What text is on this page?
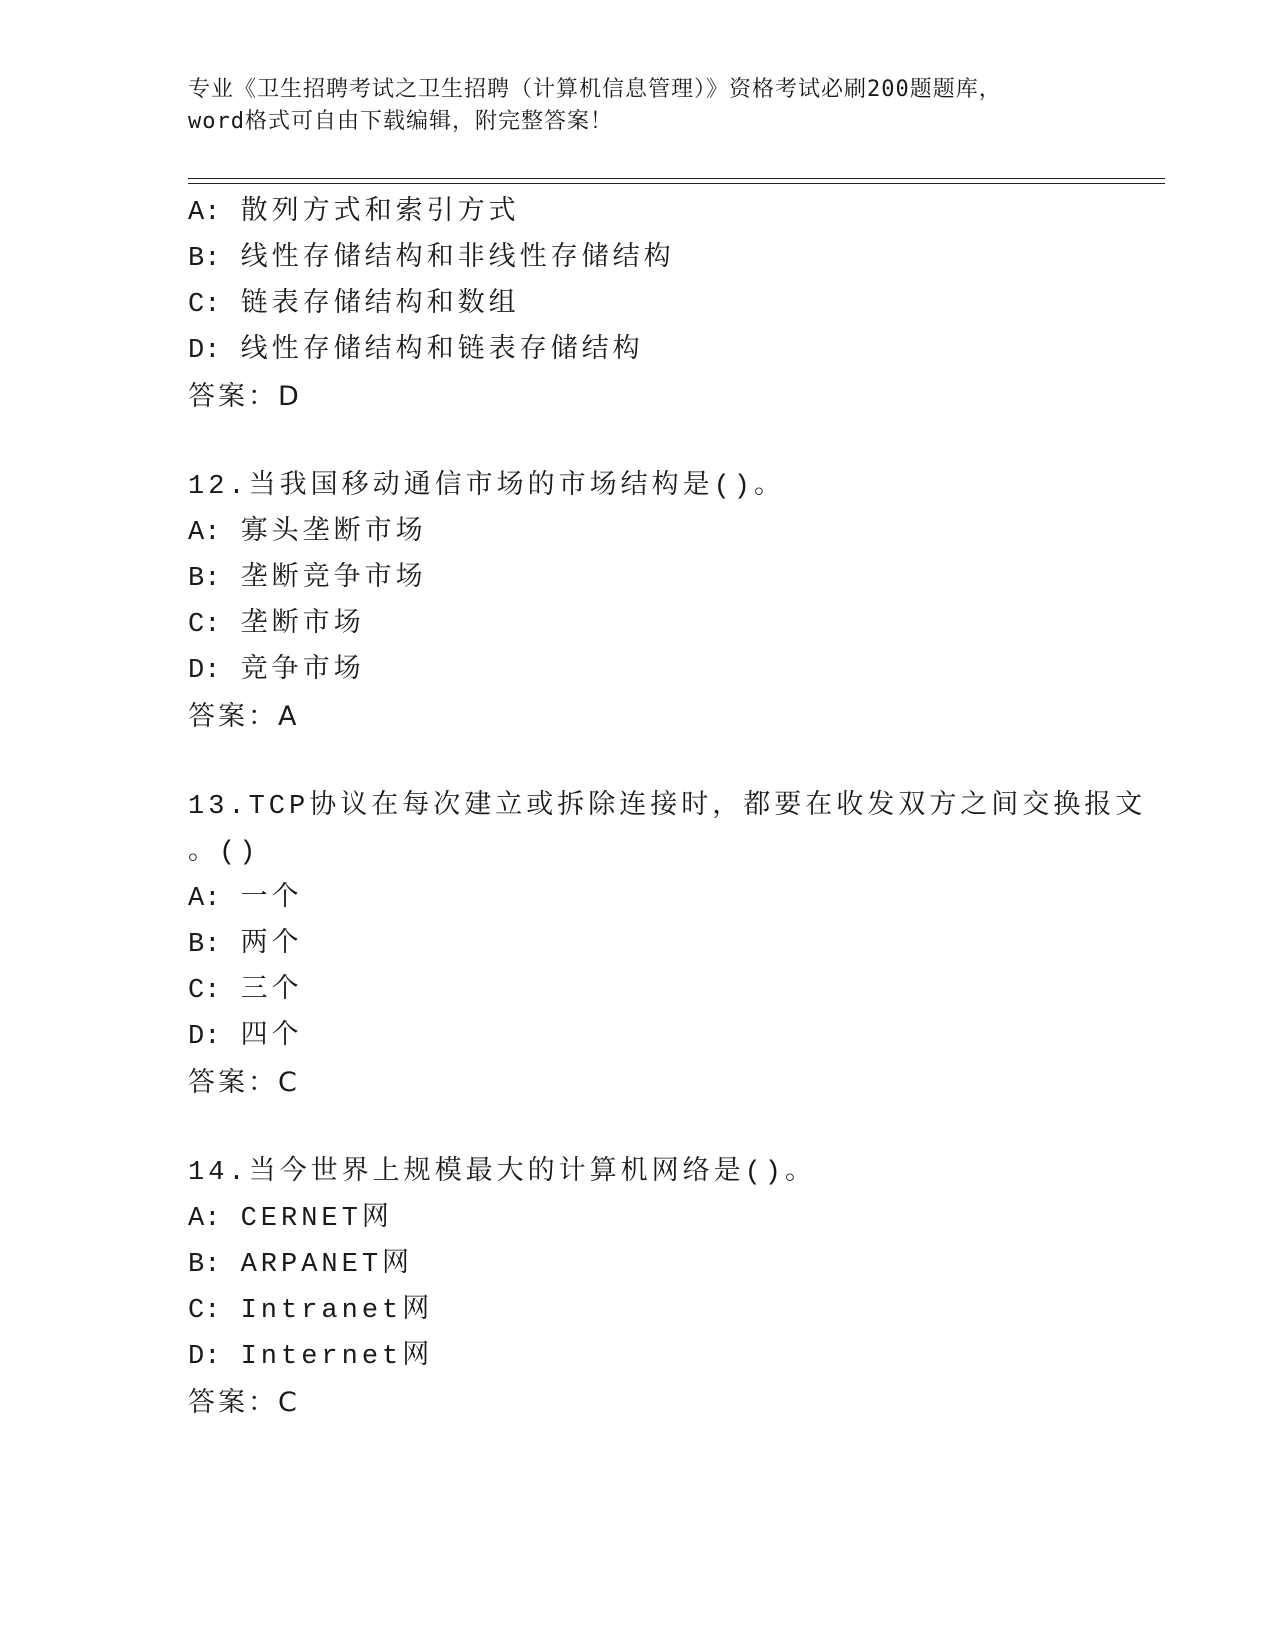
专业《卫生招聘考试之卫生招聘（计算机信息管理）》资格考试必刷200题题库，
word格式可自由下载编辑，附完整答案！
A: 散列方式和索引方式
B: 线性存储结构和非线性存储结构
C: 链表存储结构和数组
D: 线性存储结构和链表存储结构
答案：D
12.当我国移动通信市场的市场结构是()。
A: 寡头垄断市场
B: 垄断竞争市场
C: 垄断市场
D: 竞争市场
答案：A
13.TCP协议在每次建立或拆除连接时，都要在收发双方之间交换报文
。()
A: 一个
B: 两个
C: 三个
D: 四个
答案：C
14.当今世界上规模最大的计算机网络是()。
A: CERNET网
B: ARPANET网
C: Intranet网
D: Internet网
答案：C
